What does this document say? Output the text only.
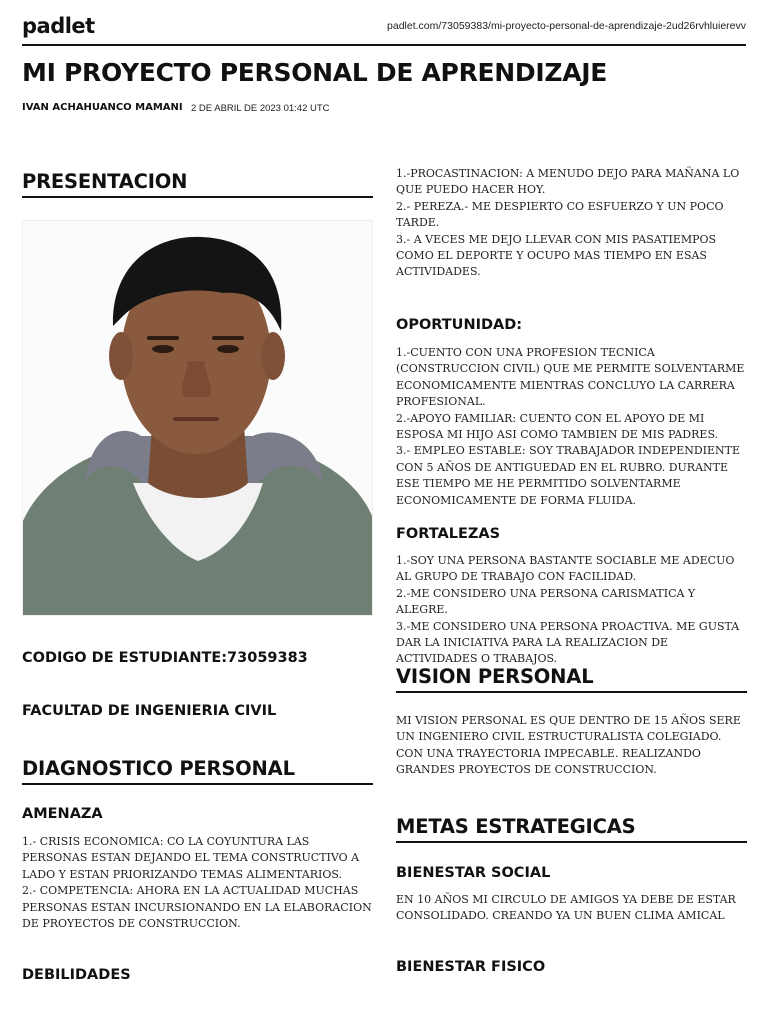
padlet	padlet.com/73059383/mi-proyecto-personal-de-aprendizaje-2ud26rvhluierevv
MI PROYECTO PERSONAL DE APRENDIZAJE
IVAN ACHAHUANCO MAMANI 2 DE ABRIL DE 2023 01:42 UTC
PRESENTACION
CODIGO DE ESTUDIANTE:73059383
FACULTAD DE INGENIERIA CIVIL
DIAGNOSTICO PERSONAL
AMENAZA
1.- CRISIS ECONOMICA: CO LA COYUNTURA LAS PERSONAS ESTAN DEJANDO EL TEMA CONSTRUCTIVO A LADO Y ESTAN PRIORIZANDO TEMAS ALIMENTARIOS.
2.- COMPETENCIA: AHORA EN LA ACTUALIDAD MUCHAS PERSONAS ESTAN INCURSIONANDO EN LA ELABORACION DE PROYECTOS DE CONSTRUCCION.
DEBILIDADES
1.-PROCASTINACION: A MENUDO DEJO PARA MAÑANA LO QUE PUEDO HACER HOY.
2.- PEREZA.- ME DESPIERTO CO ESFUERZO Y UN POCO TARDE.
3.- A VECES ME DEJO LLEVAR CON MIS PASATIEMPOS COMO EL DEPORTE Y OCUPO MAS TIEMPO EN ESAS ACTIVIDADES.
OPORTUNIDAD:
1.-CUENTO CON UNA PROFESION TECNICA (CONSTRUCCION CIVIL) QUE ME PERMITE SOLVENTARME ECONOMICAMENTE MIENTRAS CONCLUYO LA CARRERA PROFESIONAL.
2.-APOYO FAMILIAR: CUENTO CON EL APOYO DE MI ESPOSA MI HIJO ASI COMO TAMBIEN DE MIS PADRES.
3.- EMPLEO ESTABLE: SOY TRABAJADOR INDEPENDIENTE CON 5 AÑOS DE ANTIGUEDAD EN EL RUBRO. DURANTE ESE TIEMPO ME HE PERMITIDO SOLVENTARME ECONOMICAMENTE DE FORMA FLUIDA.
FORTALEZAS
1.-SOY UNA PERSONA BASTANTE SOCIABLE ME ADECUO AL GRUPO DE TRABAJO CON FACILIDAD.
2.-ME CONSIDERO UNA PERSONA CARISMATICA Y ALEGRE.
3.-ME CONSIDERO UNA PERSONA PROACTIVA. ME GUSTA DAR LA INICIATIVA PARA LA REALIZACION DE ACTIVIDADES O TRABAJOS.
VISION PERSONAL
MI VISION PERSONAL ES QUE DENTRO DE 15 AÑOS SERE UN INGENIERO CIVIL ESTRUCTURALISTA COLEGIADO. CON UNA TRAYECTORIA IMPECABLE. REALIZANDO GRANDES PROYECTOS DE CONSTRUCCION.
METAS ESTRATEGICAS
BIENESTAR SOCIAL
EN 10 AÑOS MI CIRCULO DE AMIGOS YA DEBE DE ESTAR CONSOLIDADO. CREANDO YA UN BUEN CLIMA AMICAL
BIENESTAR FISICO
